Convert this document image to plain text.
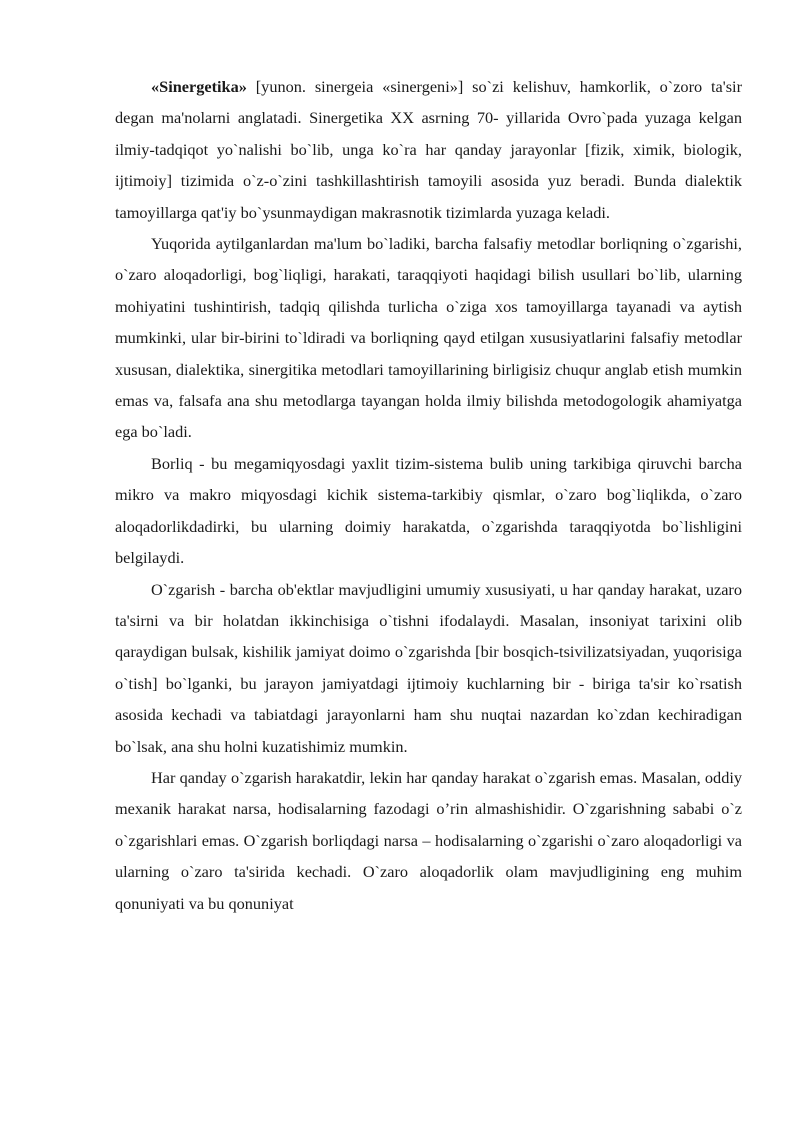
«Sinergetika» [yunon. sinergeia «sinergeni»] so`zi kelishuv, hamkorlik, o`zoro ta'sir degan ma'nolarni anglatadi. Sinergetika XX asrning 70- yillarida Ovro`pada yuzaga kelgan ilmiy-tadqiqot yo`nalishi bo`lib, unga ko`ra har qanday jarayonlar [fizik, ximik, biologik, ijtimoiy] tizimida o`z-o`zini tashkillashtirish tamoyili asosida yuz beradi. Bunda dialektik tamoyillarga qat'iy bo`ysunmaydigan makrasnotik tizimlarda yuzaga keladi.

Yuqorida aytilganlardan ma'lum bo`ladiki, barcha falsafiy metodlar borliqning o`zgarishi, o`zaro aloqadorligi, bog`liqligi, harakati, taraqqiyoti haqidagi bilish usullari bo`lib, ularning mohiyatini tushintirish, tadqiq qilishda turlicha o`ziga xos tamoyillarga tayanadi va aytish mumkinki, ular bir-birini to`ldiradi va borliqning qayd etilgan xususiyatlarini falsafiy metodlar xususan, dialektika, sinergitika metodlari tamoyillarining birligisiz chuqur anglab etish mumkin emas va, falsafa ana shu metodlarga tayangan holda ilmiy bilishda metodogologik ahamiyatga ega bo`ladi.

Borliq - bu megamiqyosdagi yaxlit tizim-sistema bulib uning tarkibiga qiruvchi barcha mikro va makro miqyosdagi kichik sistema-tarkibiy qismlar, o`zaro bog`liqlikda, o`zaro aloqadorlikdadirki, bu ularning doimiy harakatda, o`zgarishda taraqqiyotda bo`lishligini belgilaydi.

O`zgarish - barcha ob'ektlar mavjudligini umumiy xususiyati, u har qanday harakat, uzaro ta'sirni va bir holatdan ikkinchisiga o`tishni ifodalaydi. Masalan, insoniyat tarixini olib qaraydigan bulsak, kishilik jamiyat doimo o`zgarishda [bir bosqich-tsivilizatsiyadan, yuqorisiga o`tish] bo`lganki, bu jarayon jamiyatdagi ijtimoiy kuchlarning bir - biriga ta'sir ko`rsatish asosida kechadi va tabiatdagi jarayonlarni ham shu nuqtai nazardan ko`zdan kechiradigan bo`lsak, ana shu holni kuzatishimiz mumkin.

Har qanday o`zgarish harakatdir, lekin har qanday harakat o`zgarish emas. Masalan, oddiy mexanik harakat narsa, hodisalarning fazodagi o’rin almashishidir. O`zgarishning sababi o`z o`zgarishlari emas. O`zgarish borliqdagi narsa – hodisalarning o`zgarishi o`zaro aloqadorligi va ularning o`zaro ta'sirida kechadi. O`zaro aloqadorlik olam mavjudligining eng muhim qonuniyati va bu qonuniyat
